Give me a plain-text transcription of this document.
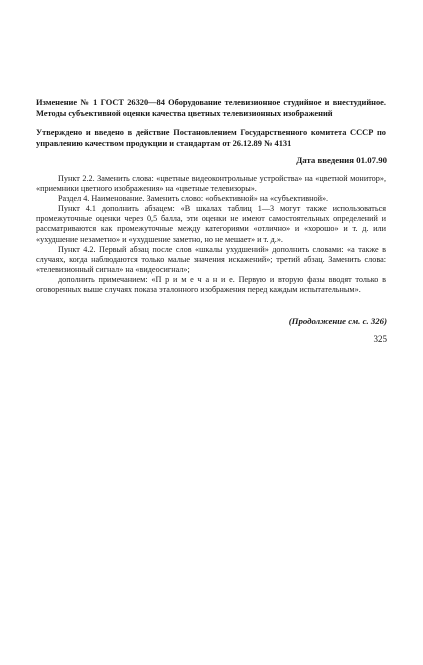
Изменение № 1 ГОСТ 26320—84 Оборудование телевизионное студийное и внестудийное. Методы субъективной оценки качества цветных телевизионных изображений
Утверждено и введено в действие Постановлением Государственного комитета СССР по управлению качеством продукции и стандартам от 26.12.89 № 4131
Дата введения 01.07.90

Пункт 2.2. Заменить слова: «цветные видеоконтрольные устройства» на «цветной монитор», «приемники цветного изображения» на «цветные телевизоры».

Раздел 4. Наименование. Заменить слово: «объективной» на «субъективной».

Пункт 4.1 дополнить абзацем: «В шкалах таблиц 1—3 могут также использоваться промежуточные оценки через 0,5 балла, эти оценки не имеют самостоятельных определений и рассматриваются как промежуточные между категориями «отлично» и «хорошо» и т. д. или «ухудшение незаметно» и «ухудшение заметно, но не мешает» и т. д.».

Пункт 4.2. Первый абзац после слов «шкалы ухудшений» дополнить словами: «а также в случаях, когда наблюдаются только малые значения искажений»; третий абзац. Заменить слова: «телевизионный сигнал» на «видеосигнал»;

дополнить примечанием: «П р и м е ч а н и е. Первую и вторую фазы вводят только в оговоренных выше случаях показа эталонного изображения перед каждым испытательным».

(Продолжение см. с. 326)
325
